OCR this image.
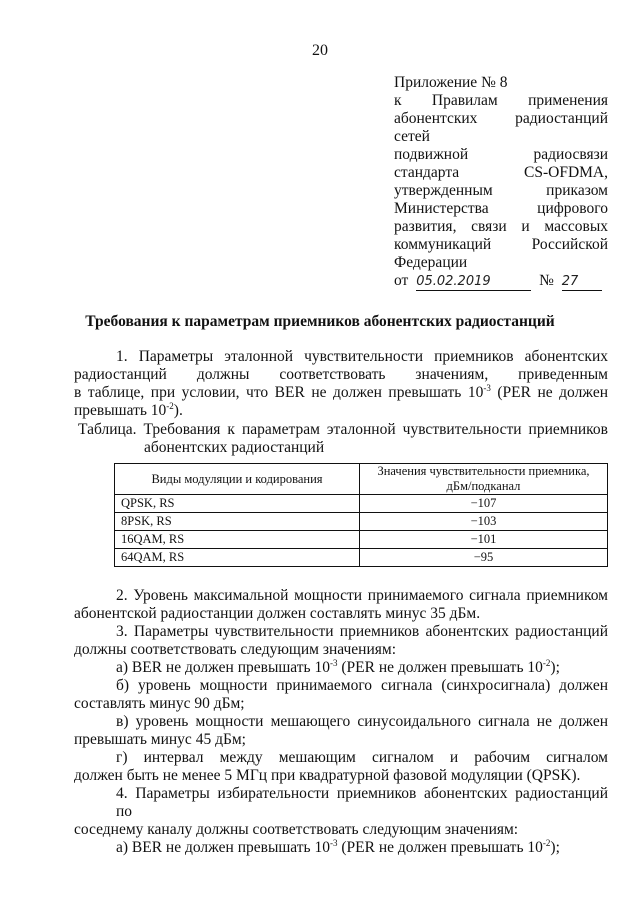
20
Приложение № 8
к Правилам применения
абонентских радиостанций сетей
подвижной радиосвязи
стандарта CS-OFDMA,
утвержденным приказом
Министерства цифрового
развития, связи и массовых
коммуникаций Российской
Федерации
от 05.02.2019	№ 27
Требования к параметрам приемников абонентских радиостанций
1. Параметры эталонной чувствительности приемников абонентских
радиостанций должны соответствовать значениям, приведенным
в таблице, при условии, что BER не должен превышать $10^{-3}$ (PER не должен
превышать $10^{-2}$).
Таблица. Требования к параметрам эталонной чувствительности приемников
абонентских радиостанций
Виды модуляции и кодирования	Значения чувствительности приемника,
дБм/подканал
QPSK, RS	−107
8PSK, RS	−103
16QAM, RS	−101
64QAM, RS	−95
2. Уровень максимальной мощности принимаемого сигнала приемником
абонентской радиостанции должен составлять минус 35 дБм.
3. Параметры чувствительности приемников абонентских радиостанций
должны соответствовать следующим значениям:
а) BER не должен превышать $10^{-3}$ (PER не должен превышать $10^{-2}$);
б) уровень мощности принимаемого сигнала (синхросигнала) должен
составлять минус 90 дБм;
в) уровень мощности мешающего синусоидального сигнала не должен
превышать минус 45 дБм;
г) интервал между мешающим сигналом и рабочим сигналом
должен быть не менее 5 МГц при квадратурной фазовой модуляции (QPSK).
4. Параметры избирательности приемников абонентских радиостанций по
соседнему каналу должны соответствовать следующим значениям:
а) BER не должен превышать $10^{-3}$ (PER не должен превышать $10^{-2}$);
